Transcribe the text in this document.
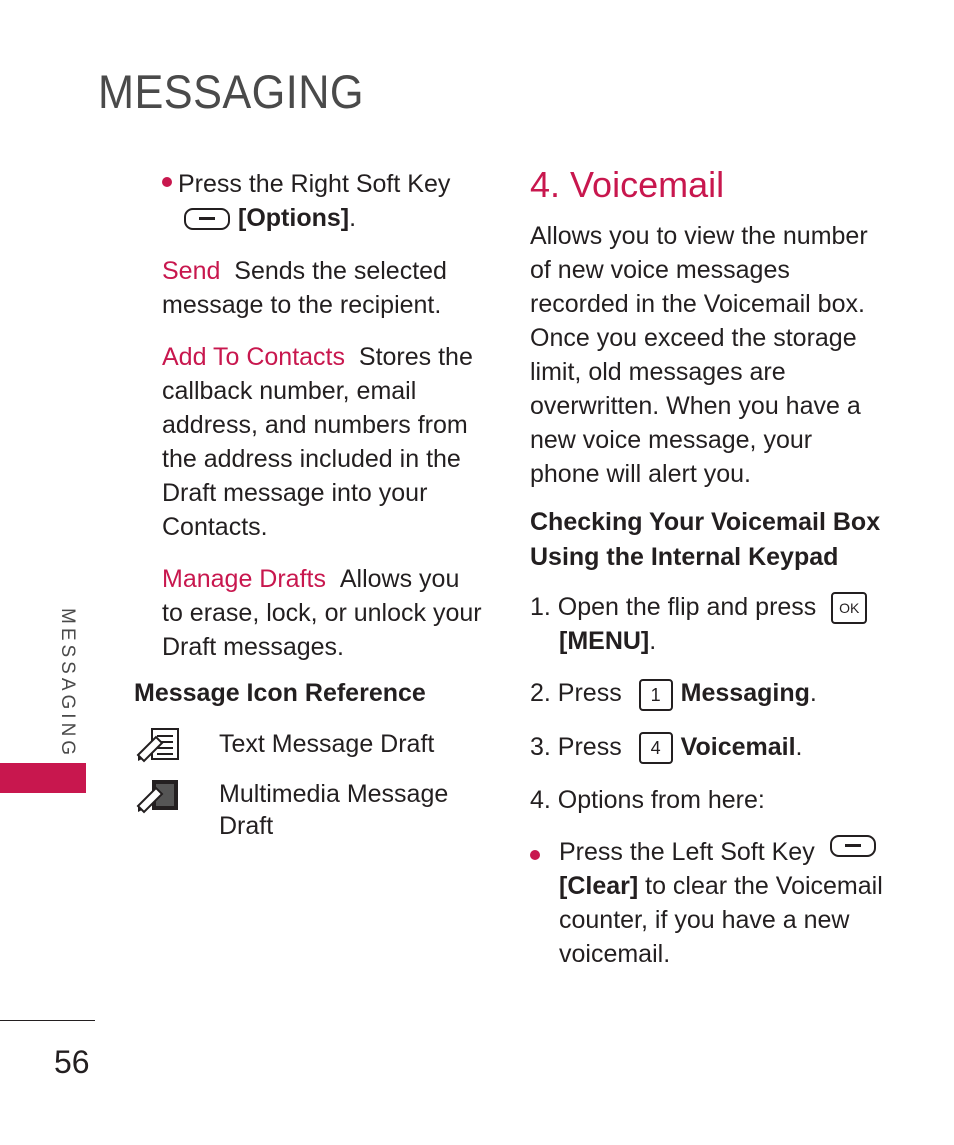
MESSAGING

Press the Right Soft Key

[Options].

Send Sends the selected message to the recipient.

Add To Contacts Stores the callback number, email address, and numbers from the address included in the Draft message into your Contacts.

Manage Drafts Allows you to erase, lock, or unlock your Draft messages.

Message Icon Reference
Text Message Draft
Multimedia Message
Draft
4. Voicemail

Allows you to view the number of new voice messages recorded in the Voicemail box. Once you exceed the storage limit, old messages are overwritten. When you have a new voice message, your phone will alert you.

Checking Your Voicemail Box
Using the Internal Keypad

1. Open the flip and press OK

[MENU].

2. Press 1 Messaging.

3. Press 4 Voicemail.

4. Options from here:

Press the Left Soft Key
[Clear] to clear the Voicemail counter, if you have a new voicemail.
MESSAGING
56
